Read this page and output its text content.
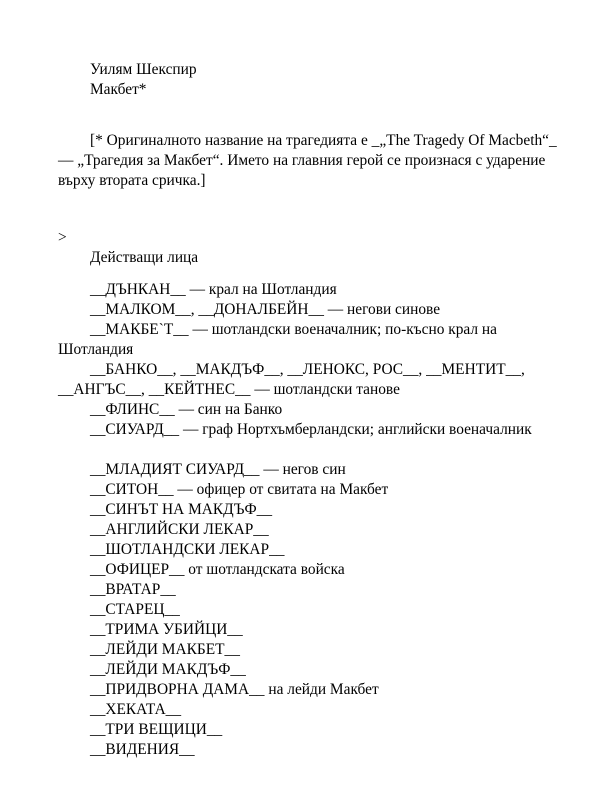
Уилям Шекспир
Макбет*
[* Оригиналното название на трагедията е _„The Tragedy Of Macbeth“_ — „Трагедия за Макбет“. Името на главния герой се произнася с ударение върху втората сричка.]
>
Действащи лица
__ДЪНКАН__ — крал на Шотландия
__МАЛКОМ__, __ДОНАЛБЕЙН__ — негови синове
__МАКБЕ`Т__ — шотландски военачалник; по-късно крал на Шотландия
__БАНКО__, __МАКДЪФ__, __ЛЕНОКС, РОС__, __МЕНТИТ__, __АНГЪС__, __КЕЙТНЕС__ — шотландски танове
__ФЛИНС__ — син на Банко
__СИУАРД__ — граф Нортхъмберландски; английски военачалник
__МЛАДИЯТ СИУАРД__ — негов син
__СИТОН__ — офицер от свитата на Макбет
__СИНЪТ НА МАКДЪФ__
__АНГЛИЙСКИ ЛЕКАР__
__ШОТЛАНДСКИ ЛЕКАР__
__ОФИЦЕР__ от шотландската войска
__ВРАТАР__
__СТАРЕЦ__
__ТРИМА УБИЙЦИ__
__ЛЕЙДИ МАКБЕТ__
__ЛЕЙДИ МАКДЪФ__
__ПРИДВОРНА ДАМА__ на лейди Макбет
__ХЕКАТА__
__ТРИ ВЕЩИЦИ__
__ВИДЕНИЯ__
